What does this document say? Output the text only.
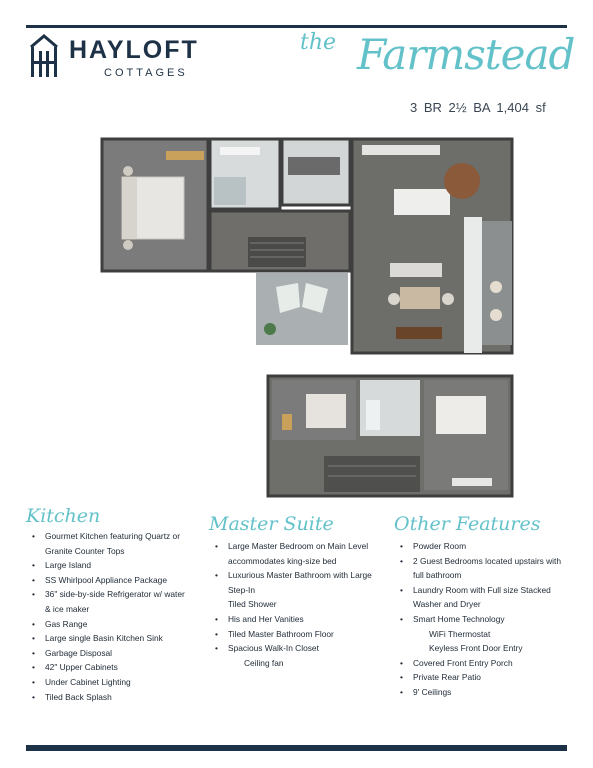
HAYLOFT
COTTAGES
the Farmstead
3 BR 2½ BA 1,404 sf
Kitchen
• Gourmet Kitchen featuring Quartz or
Granite Counter Tops
• Large Island
• SS Whirlpool Appliance Package
• 36" side-by-side Refrigerator w/ water
& ice maker
• Gas Range
• Large single Basin Kitchen Sink
• Garbage Disposal
• 42" Upper Cabinets
• Under Cabinet Lighting
• Tiled Back Splash
Master Suite
• Large Master Bedroom on Main Level
accommodates king-size bed
• Luxurious Master Bathroom with Large
Step-In
Tiled Shower
• His and Her Vanities
• Tiled Master Bathroom Floor
• Spacious Walk-In Closet
Ceiling fan
Other Features
• Powder Room
• 2 Guest Bedrooms located upstairs with
full bathroom
• Laundry Room with Full size Stacked
Washer and Dryer
• Smart Home Technology
WiFi Thermostat
Keyless Front Door Entry
• Covered Front Entry Porch
• Private Rear Patio
• 9' Ceilings
